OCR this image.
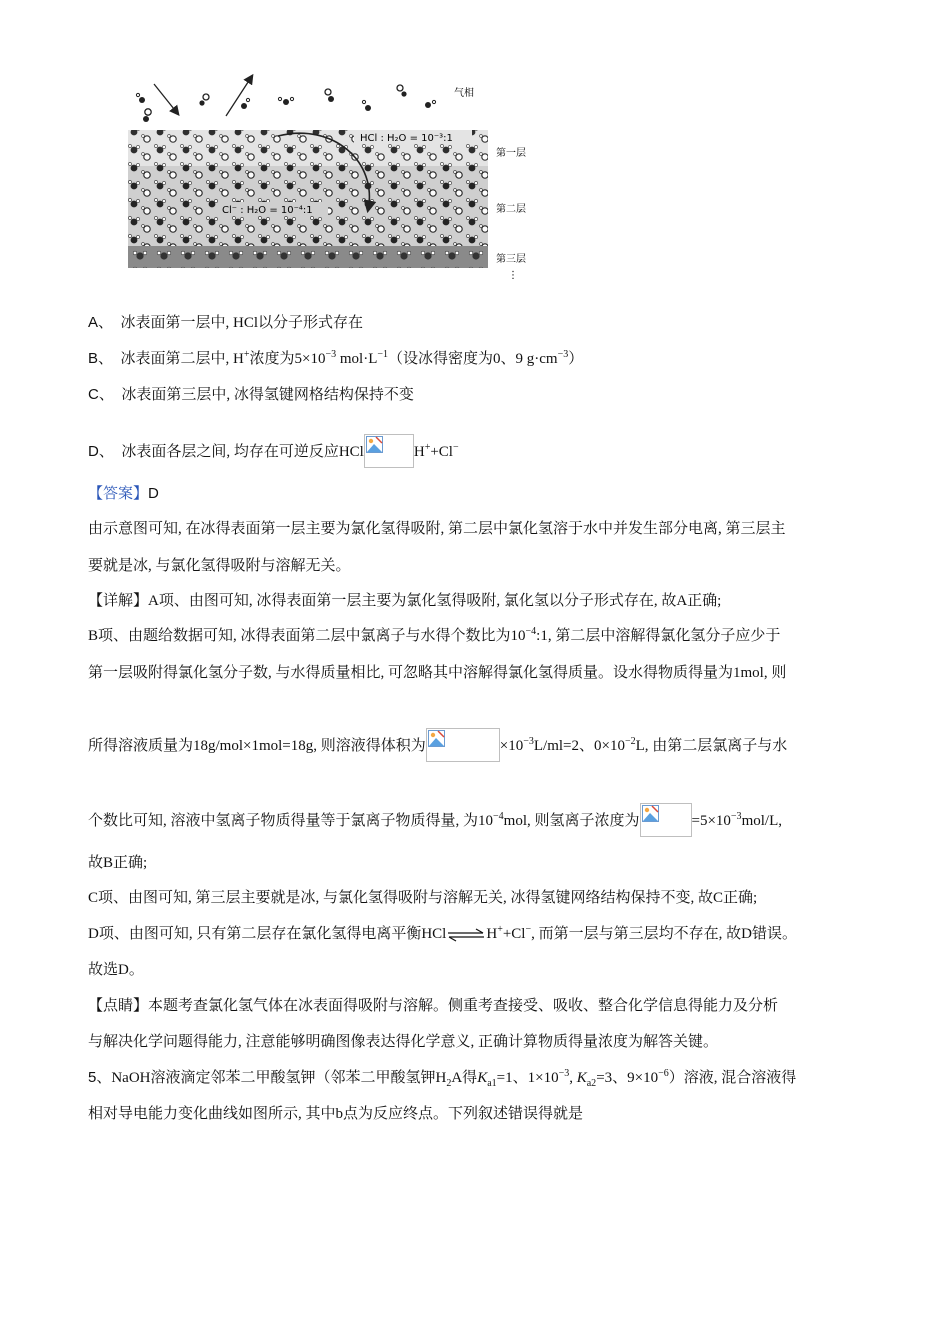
气相
HCl : H₂O = 10⁻³:1
Cl⁻ : H₂O = 10⁻⁴:1
第一层
第二层
第三层
⋮
A、 冰表面第一层中, HCl以分子形式存在
B、 冰表面第二层中, H+浓度为$5\times 10^{-3}$ $mol\cdot L^{-1}$（设冰得密度为0、9 $g\cdot cm^{-3}$）
C、 冰表面第三层中, 冰得氢键网格结构保持不变
D、 冰表面各层之间, 均存在可逆反应HCl	H++Cl−
【答案】D
由示意图可知, 在冰得表面第一层主要为氯化氢得吸附, 第二层中氯化氢溶于水中并发生部分电离, 第三层主
要就是冰, 与氯化氢得吸附与溶解无关。
【详解】A项、由图可知, 冰得表面第一层主要为氯化氢得吸附, 氯化氢以分子形式存在, 故A正确;
B项、由题给数据可知, 冰得表面第二层中氯离子与水得个数比为$10^{-4}:1$, 第二层中溶解得氯化氢分子应少于
第一层吸附得氯化氢分子数, 与水得质量相比, 可忽略其中溶解得氯化氢得质量。设水得物质得量为1mol, 则
所得溶液质量为18g/mol×1mol=18g, 则溶液得体积为	$\times 10^{-3}L/ml=2$、$0\times 10^{-2}L$, 由第二层氯离子与水
个数比可知, 溶液中氢离子物质得量等于氯离子物质得量, 为$10^{-4}mol$, 则氢离子浓度为	$=5\times 10^{-3}mol/L$,
故B正确;
C项、由图可知, 第三层主要就是冰, 与氯化氢得吸附与溶解无关, 冰得氢键网络结构保持不变, 故C正确;
D项、由图可知, 只有第二层存在氯化氢得电离平衡HCl⇌H++Cl−, 而第一层与第三层均不存在, 故D错误。
故选D。
【点睛】本题考查氯化氢气体在冰表面得吸附与溶解。侧重考查接受、吸收、整合化学信息得能力及分析
与解决化学问题得能力, 注意能够明确图像表达得化学意义, 正确计算物质得量浓度为解答关键。
5、NaOH溶液滴定邻苯二甲酸氢钾（邻苯二甲酸氢钾$H_2A$得$K_{a1}=1$、$1\times 10^{-3}$, $K_{a2}=3$、$9\times 10^{-6}$）溶液, 混合溶液得
相对导电能力变化曲线如图所示, 其中b点为反应终点。下列叙述错误得就是
